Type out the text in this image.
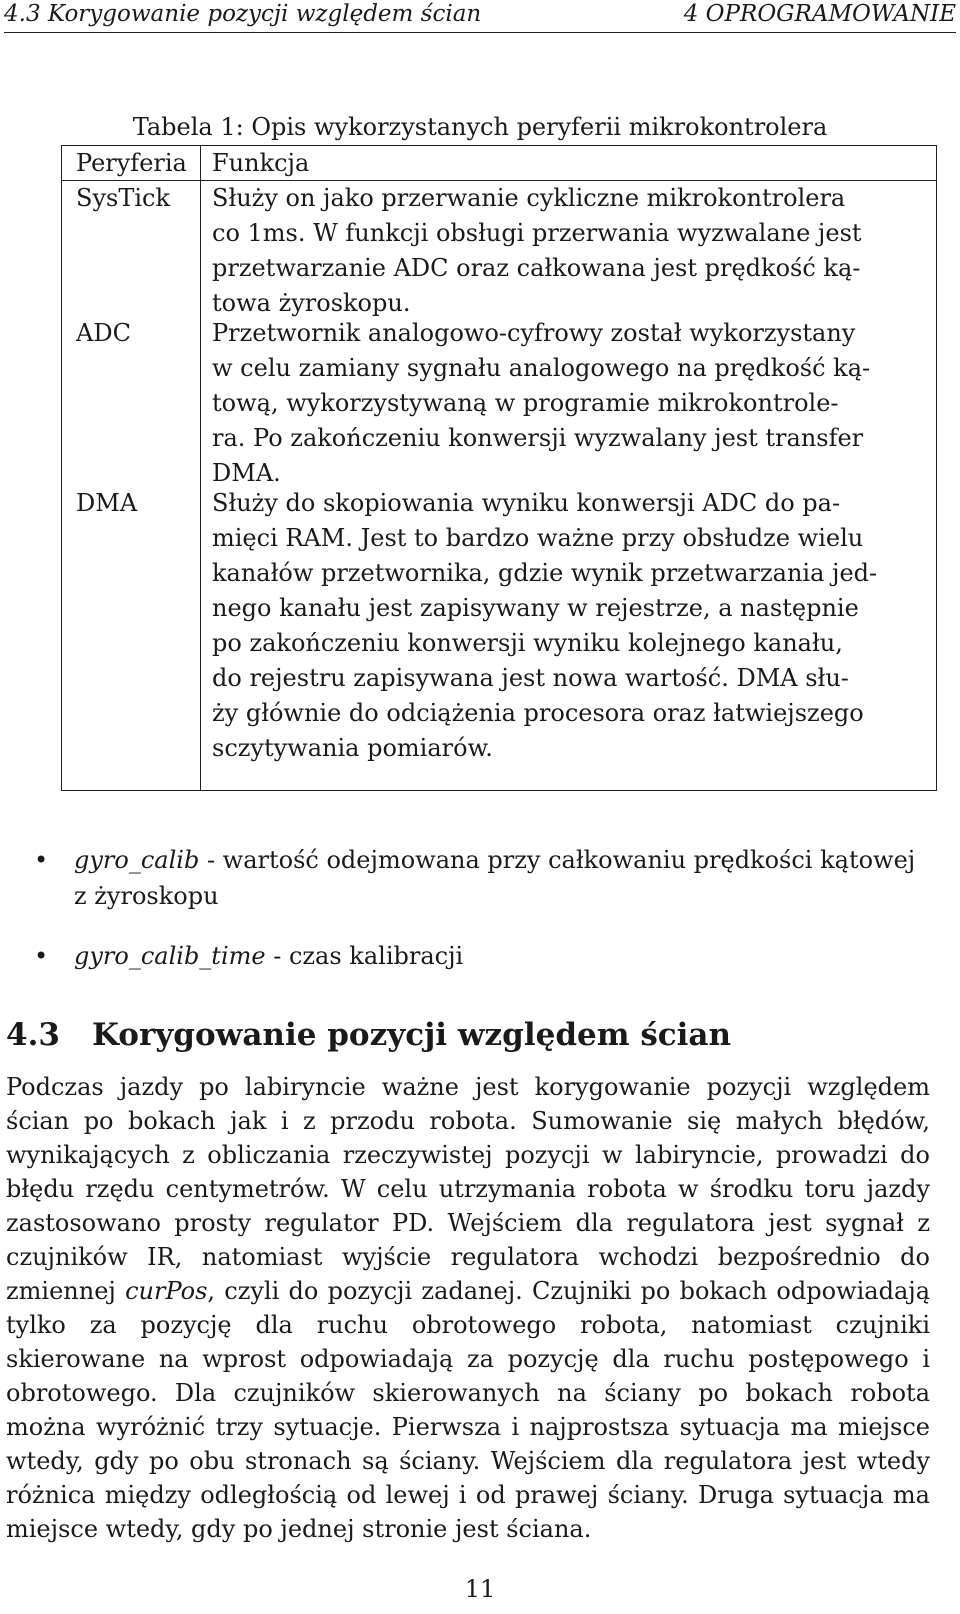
4.3 Korygowanie pozycji względem ścian	4 OPROGRAMOWANIE
Tabela 1: Opis wykorzystanych peryferii mikrokontrolera
Peryferia Funkcja
SysTick	Służy on jako przerwanie cykliczne mikrokontrolera
co 1ms. W funkcji obsługi przerwania wyzwalane jest
przetwarzanie ADC oraz całkowana jest prędkość ką-
towa żyroskopu.
ADC	Przetwornik analogowo-cyfrowy został wykorzystany
w celu zamiany sygnału analogowego na prędkość ką-
tową, wykorzystywaną w programie mikrokontrole-
ra. Po zakończeniu konwersji wyzwalany jest transfer
DMA.
DMA	Służy do skopiowania wyniku konwersji ADC do pa-
mięci RAM. Jest to bardzo ważne przy obsłudze wielu
kanałów przetwornika, gdzie wynik przetwarzania jed-
nego kanału jest zapisywany w rejestrze, a następnie
po zakończeniu konwersji wyniku kolejnego kanału,
do rejestru zapisywana jest nowa wartość. DMA słu-
ży głównie do odciążenia procesora oraz łatwiejszego
sczytywania pomiarów.
• gyro_calib - wartość odejmowana przy całkowaniu prędkości kątowej z żyroskopu
• gyro_calib_time - czas kalibracji
4.3 Korygowanie pozycji względem ścian
Podczas jazdy po labiryncie ważne jest korygowanie pozycji względem ścian po bokach jak i z przodu robota. Sumowanie się małych błędów, wynikających z obliczania rzeczywistej pozycji w labiryncie, prowadzi do błędu rzędu centymetrów. W celu utrzymania robota w środku toru jazdy zastosowano prosty regulator PD. Wejściem dla regulatora jest sygnał z czujników IR, natomiast wyjście regulatora wchodzi bezpośrednio do zmiennej curPos, czyli do pozycji zadanej. Czujniki po bokach odpowiadają tylko za pozycję dla ruchu obrotowego robota, natomiast czujniki skierowane na wprost odpowiadają za pozycję dla ruchu postępowego i obrotowego. Dla czujników skierowanych na ściany po bokach robota można wyróżnić trzy sytuacje. Pierwsza i najprostsza sytuacja ma miejsce wtedy, gdy po obu stronach są ściany. Wejściem dla regulatora jest wtedy różnica między odległością od lewej i od prawej ściany. Druga sytuacja ma miejsce wtedy, gdy po jednej stronie jest ściana.
11
